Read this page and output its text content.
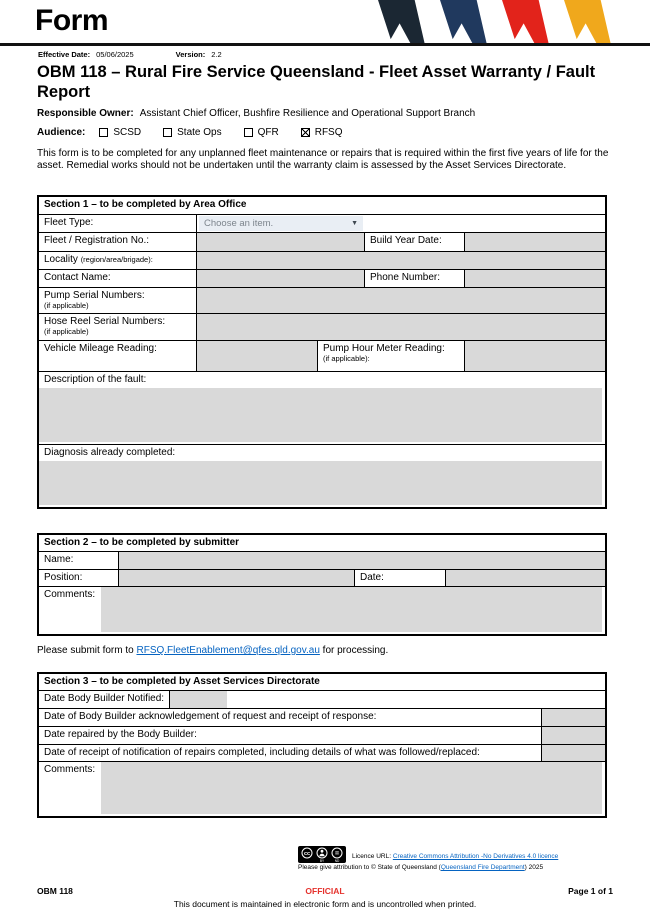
Form
Effective Date: 05/06/2025	Version: 2.2
OBM 118 – Rural Fire Service Queensland - Fleet Asset Warranty / Fault Report
Responsible Owner: Assistant Chief Officer, Bushfire Resilience and Operational Support Branch
Audience:	SCSD	State Ops	QFR	RFSQ
This form is to be completed for any unplanned fleet maintenance or repairs that is required within the first five years of life for the asset. Remedial works should not be undertaken until the warranty claim is assessed by the Asset Services Directorate.
Section 1 – to be completed by Area Office
Fleet Type:	Choose an item.	▼
Fleet / Registration No.:	Build Year Date:
Locality (region/area/brigade):
Contact Name:	Phone Number:
Pump Serial Numbers:
(if applicable)
Hose Reel Serial Numbers:
(if applicable)
Vehicle Mileage Reading:	Pump Hour Meter Reading:
(if applicable):
Description of the fault:
Diagnosis already completed:
Section 2 – to be completed by submitter
Name:
Position:	Date:
Comments:
Please submit form to RFSQ.FleetEnablement@qfes.qld.gov.au for processing.
Section 3 – to be completed by Asset Services Directorate
Date Body Builder Notified:
Date of Body Builder acknowledgement of request and receipt of response:
Date repaired by the Body Builder:
Date of receipt of notification of repairs completed, including details of what was followed/replaced:
Comments:
cc
BY
=
ND
Licence URL: Creative Commons Attribution -No Derivatives 4.0 licence
Please give attribution to © State of Queensland (Queensland Fire Department) 2025
OBM 118	OFFICIAL	Page 1 of 1
This document is maintained in electronic form and is uncontrolled when printed.
